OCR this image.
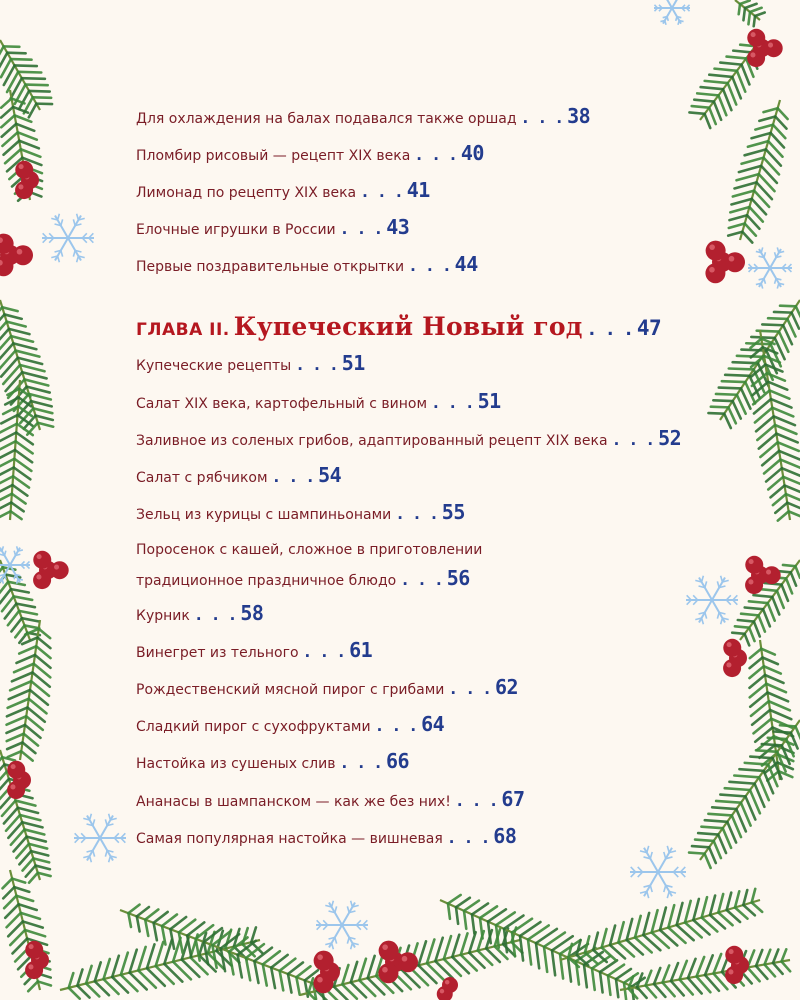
Для охлаждения на балах подавался также оршад . . . 38
Пломбир рисовый — рецепт XIX века . . . 40
Лимонад по рецепту XIX века . . . 41
Елочные игрушки в России . . . 43
Первые поздравительные открытки . . . 44
ГЛАВА II. Купеческий Новый год . . .47
Купеческие рецепты . . . 51
Салат XIX века, картофельный с вином . . . 51
Заливное из соленых грибов, адаптированный рецепт XIX века . . . 52
Салат с рябчиком . . . 54
Зельц из курицы с шампиньонами . . . 55
Поросенок с кашей, сложное в приготовлении
традиционное праздничное блюдо . . . 56
Курник . . . 58
Винегрет из тельного . . . 61
Рождественский мясной пирог с грибами . . . 62
Сладкий пирог с сухофруктами . . . 64
Настойка из сушеных слив . . . 66
Ананасы в шампанском — как же без них! . . . 67
Самая популярная настойка — вишневая . . . 68
